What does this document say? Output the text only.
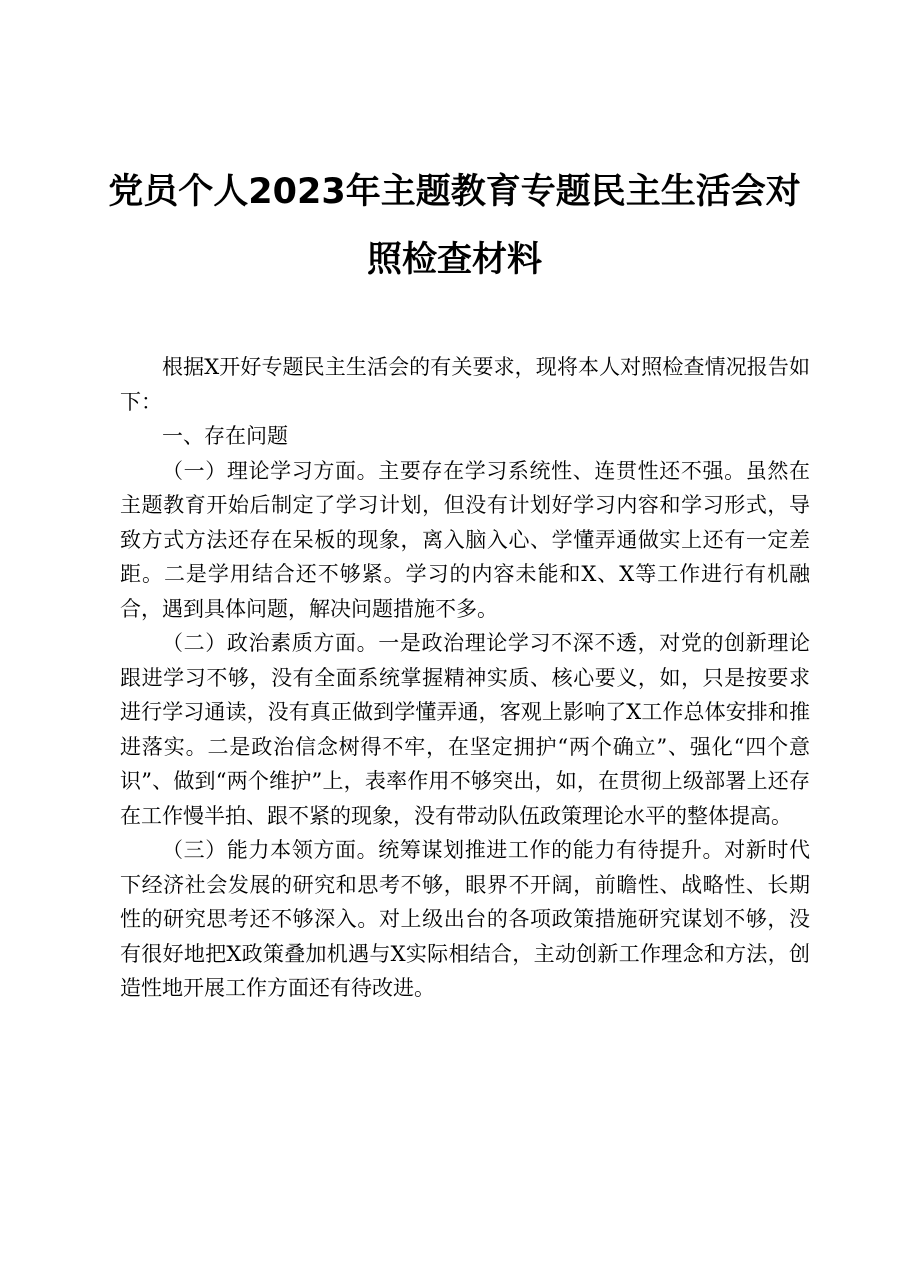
党员个人2023年主题教育专题民主生活会对
照检查材料

根据X开好专题民主生活会的有关要求，现将本人对照检查情况报告如下：

一、存在问题

（一）理论学习方面。主要存在学习系统性、连贯性还不强。虽然在主题教育开始后制定了学习计划，但没有计划好学习内容和学习形式，导致方式方法还存在呆板的现象，离入脑入心、学懂弄通做实上还有一定差距。二是学用结合还不够紧。学习的内容未能和X、X等工作进行有机融合，遇到具体问题，解决问题措施不多。

（二）政治素质方面。一是政治理论学习不深不透，对党的创新理论跟进学习不够，没有全面系统掌握精神实质、核心要义，如，只是按要求进行学习通读，没有真正做到学懂弄通，客观上影响了X工作总体安排和推进落实。二是政治信念树得不牢，在坚定拥护“两个确立”、强化“四个意识”、做到“两个维护”上，表率作用不够突出，如，在贯彻上级部署上还存在工作慢半拍、跟不紧的现象，没有带动队伍政策理论水平的整体提高。

（三）能力本领方面。统筹谋划推进工作的能力有待提升。对新时代下经济社会发展的研究和思考不够，眼界不开阔，前瞻性、战略性、长期性的研究思考还不够深入。对上级出台的各项政策措施研究谋划不够，没有很好地把X政策叠加机遇与X实际相结合，主动创新工作理念和方法，创造性地开展工作方面还有待改进。
